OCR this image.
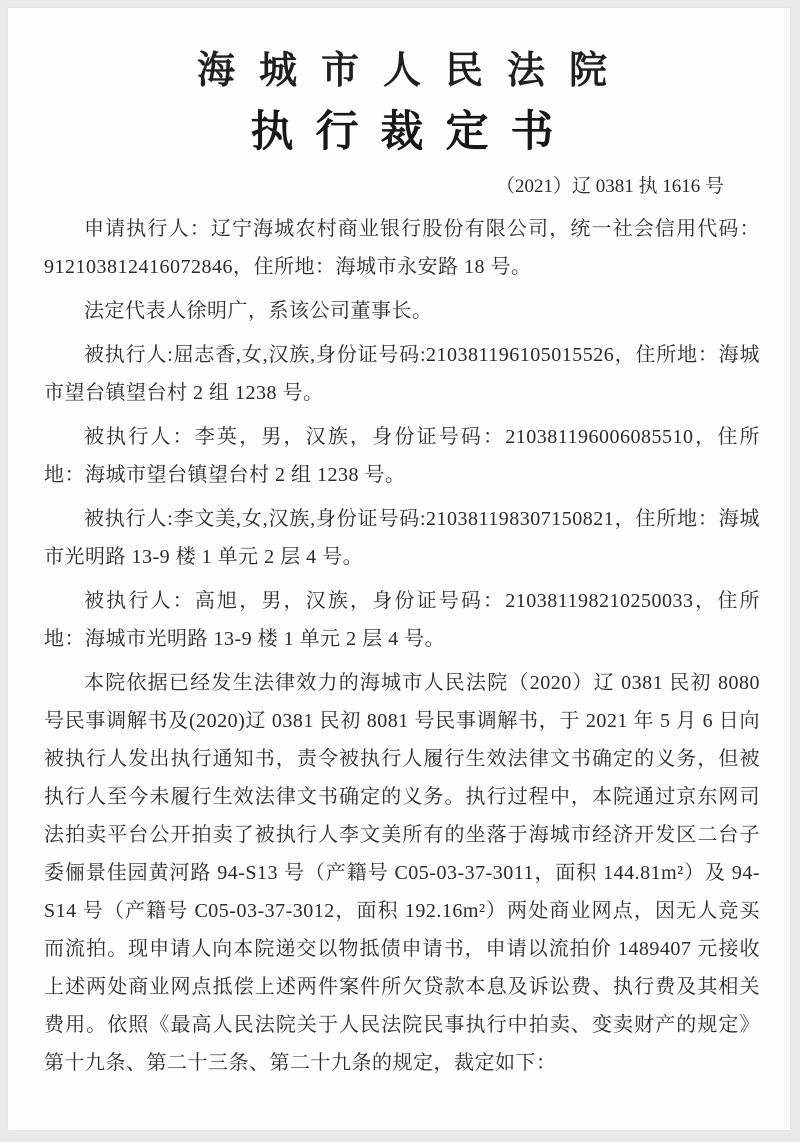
海城市人民法院
执行裁定书
（2021）辽 0381 执 1616 号

申请执行人：辽宁海城农村商业银行股份有限公司，统一社会信用代码：912103812416072846，住所地：海城市永安路 18 号。

法定代表人徐明广，系该公司董事长。

被执行人:屈志香,女,汉族,身份证号码:210381196105015526，住所地：海城市望台镇望台村 2 组 1238 号。

被执行人：李英，男，汉族，身份证号码：210381196006085510，住所地：海城市望台镇望台村 2 组 1238 号。

被执行人:李文美,女,汉族,身份证号码:210381198307150821，住所地：海城市光明路 13-9 楼 1 单元 2 层 4 号。

被执行人：高旭，男，汉族，身份证号码：210381198210250033，住所地：海城市光明路 13-9 楼 1 单元 2 层 4 号。

本院依据已经发生法律效力的海城市人民法院（2020）辽 0381 民初 8080 号民事调解书及(2020)辽 0381 民初 8081 号民事调解书，于 2021 年 5 月 6 日向被执行人发出执行通知书，责令被执行人履行生效法律文书确定的义务，但被执行人至今未履行生效法律文书确定的义务。执行过程中，本院通过京东网司法拍卖平台公开拍卖了被执行人李文美所有的坐落于海城市经济开发区二台子委俪景佳园黄河路 94-S13 号（产籍号 C05-03-37-3011，面积 144.81m²）及 94-S14 号（产籍号 C05-03-37-3012，面积 192.16m²）两处商业网点，因无人竞买而流拍。现申请人向本院递交以物抵债申请书，申请以流拍价 1489407 元接收上述两处商业网点抵偿上述两件案件所欠贷款本息及诉讼费、执行费及其相关费用。依照《最高人民法院关于人民法院民事执行中拍卖、变卖财产的规定》第十九条、第二十三条、第二十九条的规定，裁定如下：
